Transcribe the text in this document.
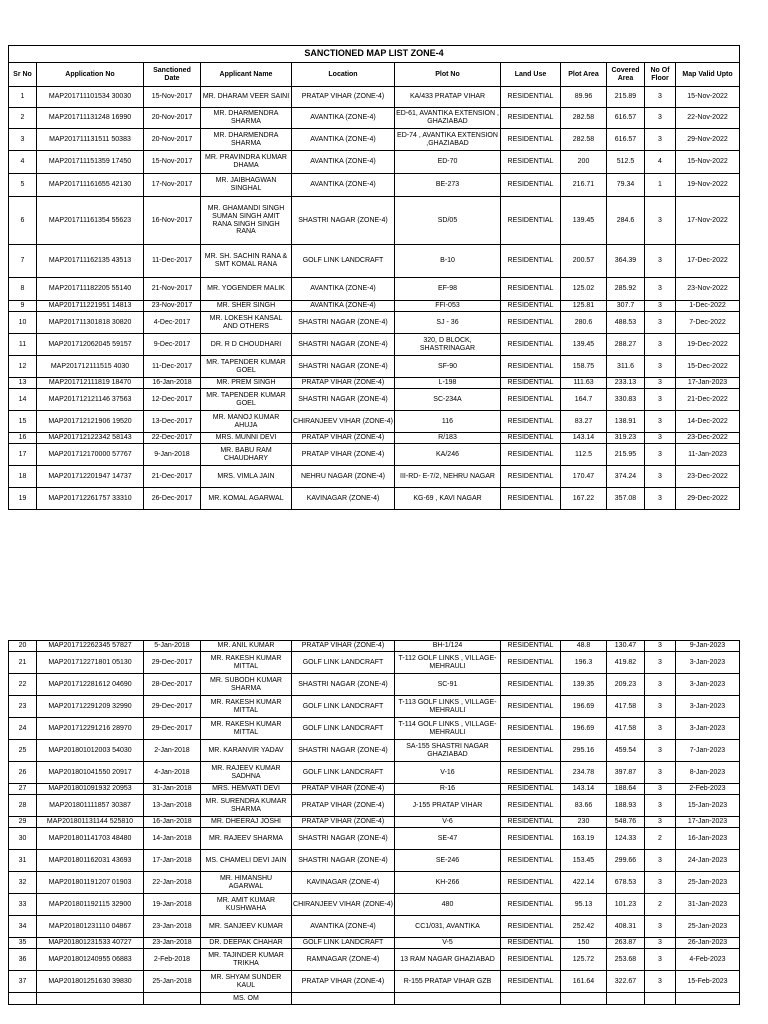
SANCTIONED MAP LIST ZONE-4										
Sr No	Application No	Sanctioned Date	Applicant Name	Location	Plot No	Land Use	Plot Area	Covered Area	No Of Floor	Map Valid Upto
1	MAP201711101534 30030	15-Nov-2017	MR. DHARAM VEER SAINI	PRATAP VIHAR (ZONE-4)	KA/433 PRATAP VIHAR	RESIDENTIAL	89.96	215.89	3	15-Nov-2022
2	MAP201711131248 16990	20-Nov-2017	MR. DHARMENDRA SHARMA	AVANTIKA (ZONE-4)	ED-61, AVANTIKA EXTENSION , GHAZIABAD	RESIDENTIAL	282.58	616.57	3	22-Nov-2022
3	MAP201711131511 50383	20-Nov-2017	MR. DHARMENDRA SHARMA	AVANTIKA (ZONE-4)	ED-74 , AVANTIKA EXTENSION ,GHAZIABAD	RESIDENTIAL	282.58	616.57	3	29-Nov-2022
4	MAP201711151359 17450	15-Nov-2017	MR. PRAVINDRA KUMAR DHAMA	AVANTIKA (ZONE-4)	ED-70	RESIDENTIAL	200	512.5	4	15-Nov-2022
5	MAP201711161655 42130	17-Nov-2017	MR. JAIBHAGWAN SINGHAL	AVANTIKA (ZONE-4)	BE-273	RESIDENTIAL	216.71	79.34	1	19-Nov-2022
6	MAP201711161354 55623	16-Nov-2017	MR. GHAMANDI SINGH SUMAN SINGH AMIT RANA SINGH SINGH RANA	SHASTRI NAGAR (ZONE-4)	SD/05	RESIDENTIAL	139.45	284.6	3	17-Nov-2022
7	MAP201711162135 43513	11-Dec-2017	MR. SH. SACHIN RANA & SMT KOMAL RANA	GOLF LINK LANDCRAFT	B-10	RESIDENTIAL	200.57	364.39	3	17-Dec-2022
8	MAP201711182205 55140	21-Nov-2017	MR. YOGENDER MALIK	AVANTIKA (ZONE-4)	EF-98	RESIDENTIAL	125.02	285.92	3	23-Nov-2022
9	MAP201711221951 14813	23-Nov-2017	MR. SHER SINGH	AVANTIKA (ZONE-4)	FFI-053	RESIDENTIAL	125.81	307.7	3	1-Dec-2022
10	MAP201711301818 30820	4-Dec-2017	MR. LOKESH KANSAL AND OTHERS	SHASTRI NAGAR (ZONE-4)	SJ - 36	RESIDENTIAL	280.6	488.53	3	7-Dec-2022
11	MAP201712062045 59157	9-Dec-2017	DR. R D CHOUDHARI	SHASTRI NAGAR (ZONE-4)	320, D BLOCK, SHASTRINAGAR	RESIDENTIAL	139.45	288.27	3	19-Dec-2022
12	MAP201712111515 4030	11-Dec-2017	MR. TAPENDER KUMAR GOEL	SHASTRI NAGAR (ZONE-4)	SF-90	RESIDENTIAL	158.75	311.6	3	15-Dec-2022
13	MAP201712111819 18470	16-Jan-2018	MR. PREM SINGH	PRATAP VIHAR (ZONE-4)	L-198	RESIDENTIAL	111.63	233.13	3	17-Jan-2023
14	MAP201712121146 37563	12-Dec-2017	MR. TAPENDER KUMAR GOEL	SHASTRI NAGAR (ZONE-4)	SC-234A	RESIDENTIAL	164.7	330.83	3	21-Dec-2022
15	MAP201712121906 19520	13-Dec-2017	MR. MANOJ KUMAR AHUJA	CHIRANJEEV VIHAR (ZONE-4)	116	RESIDENTIAL	83.27	138.91	3	14-Dec-2022
16	MAP201712122342 58143	22-Dec-2017	MRS. MUNNI DEVI	PRATAP VIHAR (ZONE-4)	R/183	RESIDENTIAL	143.14	319.23	3	23-Dec-2022
17	MAP201712170000 57767	9-Jan-2018	MR. BABU RAM CHAUDHARY	PRATAP VIHAR (ZONE-4)	KA/246	RESIDENTIAL	112.5	215.95	3	11-Jan-2023
18	MAP201712201947 14737	21-Dec-2017	MRS. VIMLA JAIN	NEHRU NAGAR (ZONE-4)	III-RD- E-7/2, NEHRU NAGAR	RESIDENTIAL	170.47	374.24	3	23-Dec-2022
19	MAP201712261757 33310	26-Dec-2017	MR. KOMAL AGARWAL	KAVINAGAR (ZONE-4)	KG-69 , KAVI NAGAR	RESIDENTIAL	167.22	357.08	3	29-Dec-2022
20	MAP201712262345 57827	5-Jan-2018	MR. ANIL KUMAR	PRATAP VIHAR (ZONE-4)	BH-1/124	RESIDENTIAL	48.8	130.47	3	9-Jan-2023
21	MAP201712271801 05130	29-Dec-2017	MR. RAKESH KUMAR MITTAL	GOLF LINK LANDCRAFT	T-112 GOLF LINKS , VILLAGE- MEHRAULI	RESIDENTIAL	196.3	419.82	3	3-Jan-2023
22	MAP201712281612 04690	28-Dec-2017	MR. SUBODH KUMAR SHARMA	SHASTRI NAGAR (ZONE-4)	SC-91	RESIDENTIAL	139.35	209.23	3	3-Jan-2023
23	MAP201712291209 32990	29-Dec-2017	MR. RAKESH KUMAR MITTAL	GOLF LINK LANDCRAFT	T-113 GOLF LINKS , VILLAGE- MEHRAULI	RESIDENTIAL	196.69	417.58	3	3-Jan-2023
24	MAP201712291216 28970	29-Dec-2017	MR. RAKESH KUMAR MITTAL	GOLF LINK LANDCRAFT	T-114 GOLF LINKS , VILLAGE- MEHRAULI	RESIDENTIAL	196.69	417.58	3	3-Jan-2023
25	MAP201801012003 54030	2-Jan-2018	MR. KARANVIR YADAV	SHASTRI NAGAR (ZONE-4)	SA-155 SHASTRI NAGAR GHAZIABAD	RESIDENTIAL	295.16	459.54	3	7-Jan-2023
26	MAP201801041550 20917	4-Jan-2018	MR. RAJEEV KUMAR SADHNA	GOLF LINK LANDCRAFT	V-16	RESIDENTIAL	234.78	397.87	3	8-Jan-2023
27	MAP201801091932 20953	31-Jan-2018	MRS. HEMVATI DEVI	PRATAP VIHAR (ZONE-4)	R-16	RESIDENTIAL	143.14	188.64	3	2-Feb-2023
28	MAP201801111857 30387	13-Jan-2018	MR. SURENDRA KUMAR SHARMA	PRATAP VIHAR (ZONE-4)	J-155 PRATAP VIHAR	RESIDENTIAL	83.66	188.93	3	15-Jan-2023
29	MAP201801131144 525810	16-Jan-2018	MR. DHEERAJ JOSHI	PRATAP VIHAR (ZONE-4)	V-6	RESIDENTIAL	230	548.76	3	17-Jan-2023
30	MAP201801141703 48480	14-Jan-2018	MR. RAJEEV SHARMA	SHASTRI NAGAR (ZONE-4)	SE-47	RESIDENTIAL	163.19	124.33	2	16-Jan-2023
31	MAP201801162031 43693	17-Jan-2018	MS. CHAMELI DEVI JAIN	SHASTRI NAGAR (ZONE-4)	SE-246	RESIDENTIAL	153.45	299.66	3	24-Jan-2023
32	MAP201801191207 01903	22-Jan-2018	MR. HIMANSHU AGARWAL	KAVINAGAR (ZONE-4)	KH-266	RESIDENTIAL	422.14	678.53	3	25-Jan-2023
33	MAP201801192115 32900	19-Jan-2018	MR. AMIT KUMAR KUSHWAHA	CHIRANJEEV VIHAR (ZONE-4)	480	RESIDENTIAL	95.13	101.23	2	31-Jan-2023
34	MAP201801231110 04867	23-Jan-2018	MR. SANJEEV KUMAR	AVANTIKA (ZONE-4)	CC1/031, AVANTIKA	RESIDENTIAL	252.42	408.31	3	25-Jan-2023
35	MAP201801231533 40727	23-Jan-2018	DR. DEEPAK CHAHAR	GOLF LINK LANDCRAFT	V-5	RESIDENTIAL	150	263.87	3	26-Jan-2023
36	MAP201801240955 06883	2-Feb-2018	MR. TAJINDER KUMAR TRIKHA	RAMNAGAR (ZONE-4)	13 RAM NAGAR GHAZIABAD	RESIDENTIAL	125.72	253.68	3	4-Feb-2023
37	MAP201801251630 39830	25-Jan-2018	MR. SHYAM SUNDER KAUL	PRATAP VIHAR (ZONE-4)	R-155 PRATAP VIHAR GZB	RESIDENTIAL	161.64	322.67	3	15-Feb-2023
			MS. OM							
